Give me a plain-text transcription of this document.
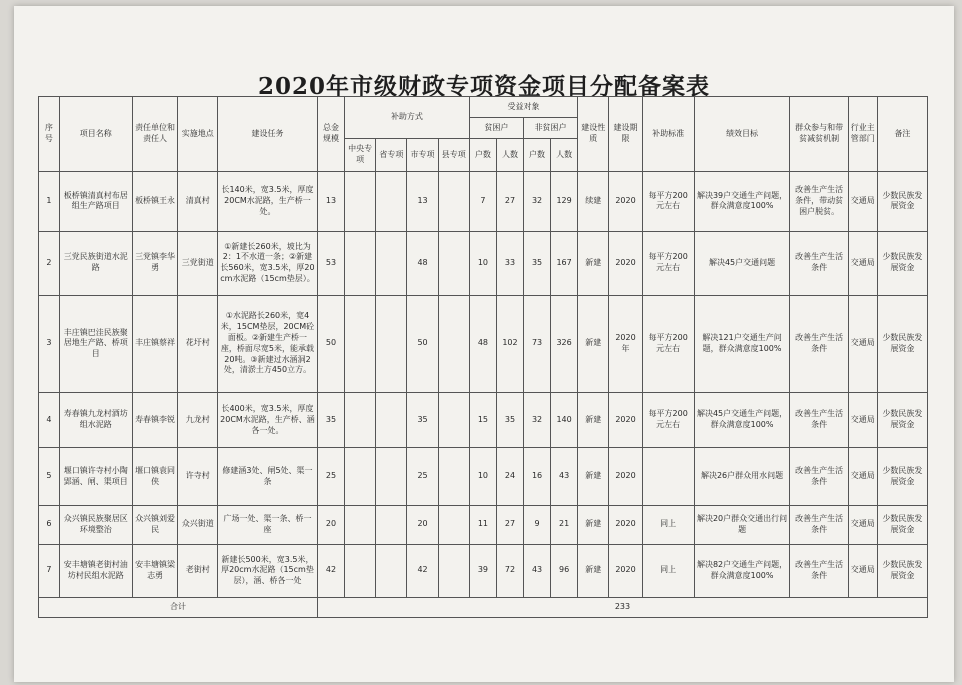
2020年市级财政专项资金项目分配备案表
序号	项目名称	责任单位和责任人	实施地点	建设任务	总金规模	补助方式				受益对象				建设性质	建设期限	补助标准	绩效目标	群众参与和带贫减贫机制	行业主管部门	备注
										贫困户		非贫困户								
						中央专项	省专项	市专项	县专项	户数	人数	户数	人数							
1	板桥镇清真村布居组生产路项目	板桥镇王永	清真村	长140米，宽3.5米，厚度20CM水泥路，生产桥一处。	13			13		7	27	32	129	续建	2020	每平方200元左右	解决39户交通生产问题，群众满意度100%	改善生产生活条件，带动贫困户脱贫。	交通局	少数民族发展资金
2	三党民族街道水泥路	三党镇李华勇	三党街道	①新建长260米，坡比为2：1不水道一条；②新建长560米，宽3.5米，厚20cm水泥路（15cm垫层）。	53			48		10	33	35	167	新建	2020	每平方200元左右	解决45户交通问题	改善生产生活条件	交通局	少数民族发展资金
3	丰庄镇巴洼民族聚居地生产路、桥项目	丰庄镇蔡祥	花圩村	①水泥路长260米，宽4米，15CM垫层，20CM砼面板。②新建生产桥一座，桥面尽宽5米，能承载20吨。③新建过水涵洞2处，清淤土方450立方。	50			50		48	102	73	326	新建	2020年	每平方200元左右	解决121户交通生产问题，群众满意度100%	改善生产生活条件	交通局	少数民族发展资金
4	寿春镇九龙村酒坊组水泥路	寿春镇李锐	九龙村	长400米，宽3.5米，厚度20CM水泥路，生产桥、涵各一处。	35			35		15	35	32	140	新建	2020	每平方200元左右	解决45户交通生产问题，群众满意度100%	改善生产生活条件	交通局	少数民族发展资金
5	堰口镇许寺村小陶郢涵、闸、渠项目	堰口镇袁同侠	许寺村	修建涵3处、闸5处、渠一条	25			25		10	24	16	43	新建	2020		解决26户群众用水问题	改善生产生活条件	交通局	少数民族发展资金
6	众兴镇民族聚居区环境整治	众兴镇刘爱民	众兴街道	广场一处、渠一条、桥一座	20			20		11	27	9	21	新建	2020	同上	解决20户群众交通出行问题	改善生产生活条件	交通局	少数民族发展资金
7	安丰塘镇老街村油坊村民组水泥路	安丰塘镇梁志勇	老街村	新建长500米，宽3.5米，厚20cm水泥路（15cm垫层），涵、桥各一处	42			42		39	72	43	96	新建	2020	同上	解决82户交通生产问题，群众满意度100%	改善生产生活条件	交通局	少数民族发展资金
合计					233															
